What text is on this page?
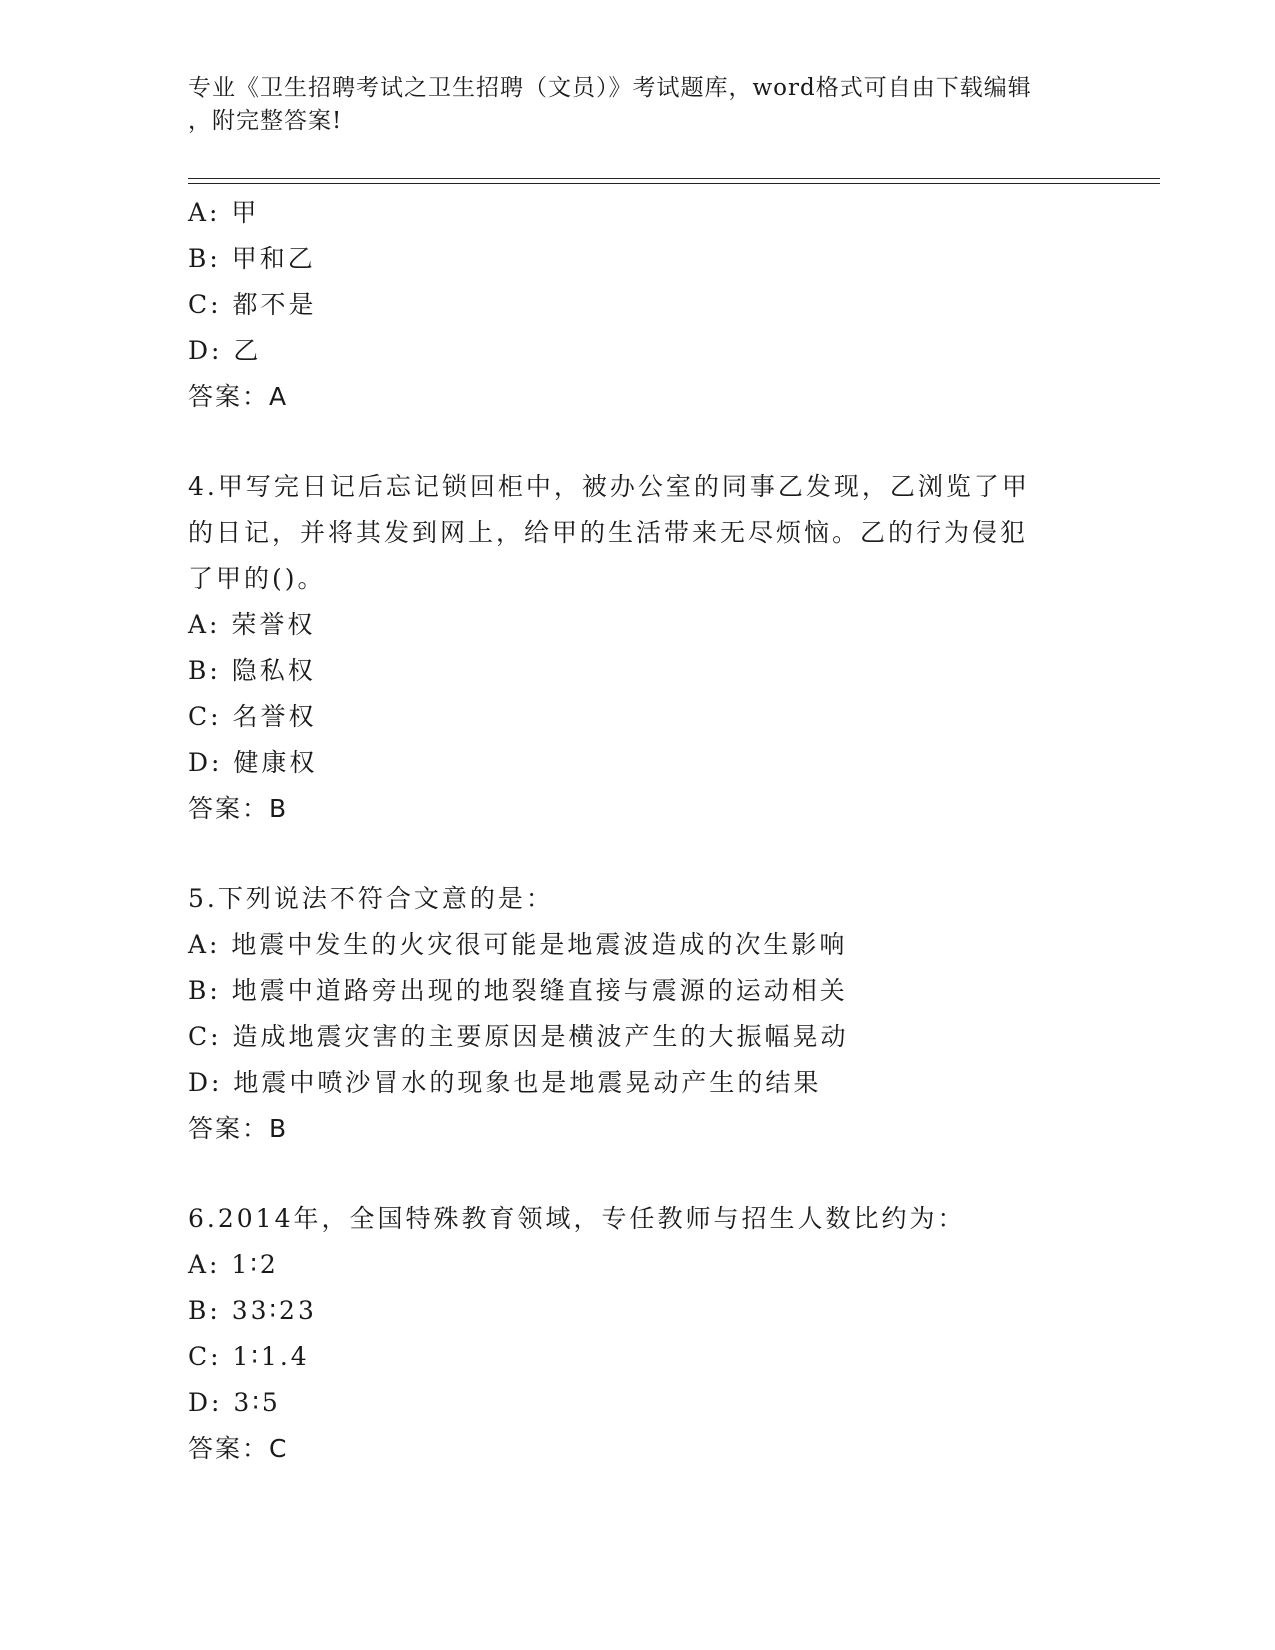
专业《卫生招聘考试之卫生招聘（文员）》考试题库，word格式可自由下载编辑
，附完整答案!
A: 甲
B: 甲和乙
C: 都不是
D: 乙
答案：A
4.甲写完日记后忘记锁回柜中，被办公室的同事乙发现，乙浏览了甲
的日记，并将其发到网上，给甲的生活带来无尽烦恼。乙的行为侵犯
了甲的()。
A: 荣誉权
B: 隐私权
C: 名誉权
D: 健康权
答案：B
5.下列说法不符合文意的是：
A: 地震中发生的火灾很可能是地震波造成的次生影响
B: 地震中道路旁出现的地裂缝直接与震源的运动相关
C: 造成地震灾害的主要原因是横波产生的大振幅晃动
D: 地震中喷沙冒水的现象也是地震晃动产生的结果
答案：B
6.2014年，全国特殊教育领域，专任教师与招生人数比约为：
A: 1∶2
B: 33∶23
C: 1∶1.4
D: 3∶5
答案：C
